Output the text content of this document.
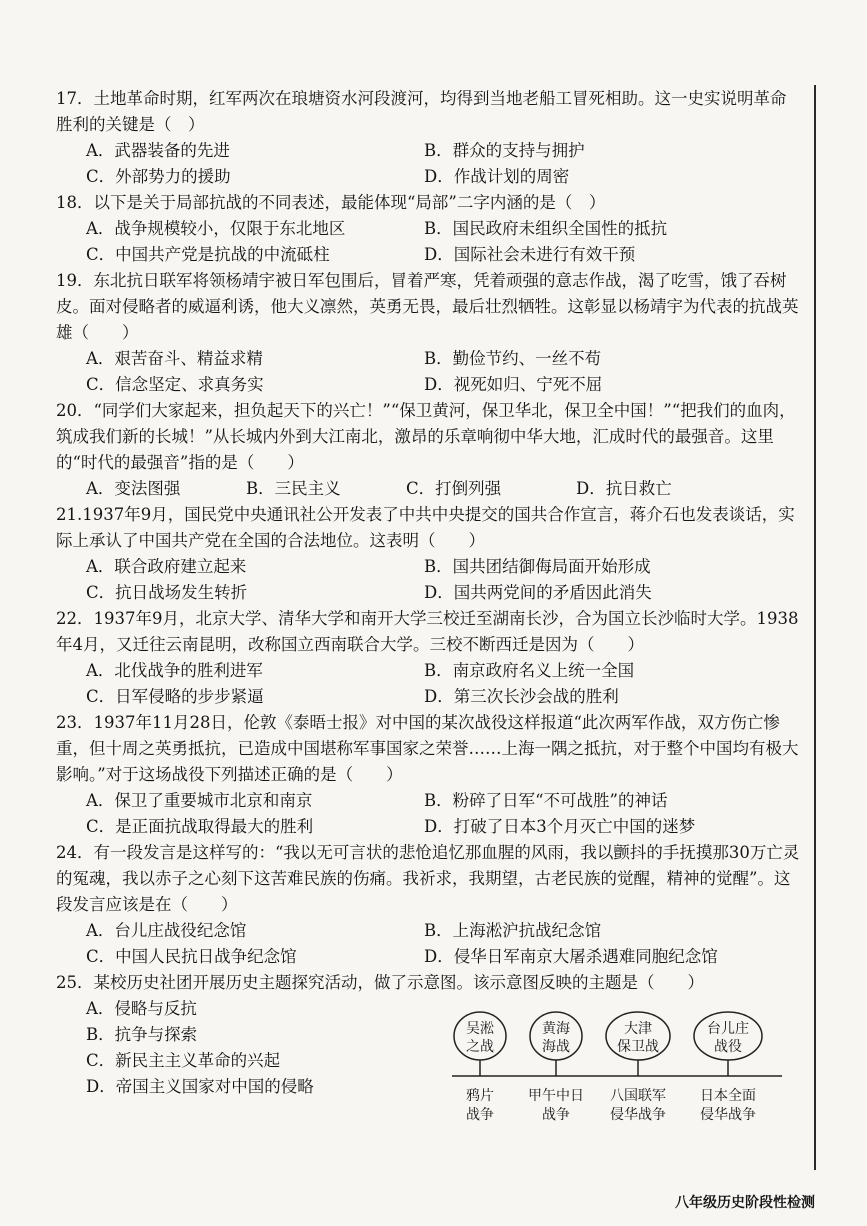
17．土地革命时期，红军两次在琅塘资水河段渡河，均得到当地老船工冒死相助。这一史实说明革命胜利的关键是（　）

A．武器装备的先进	B．群众的支持与拥护
C．外部势力的援助	D．作战计划的周密

18．以下是关于局部抗战的不同表述，最能体现“局部”二字内涵的是（　）

A．战争规模较小，仅限于东北地区	B．国民政府未组织全国性的抵抗
C．中国共产党是抗战的中流砥柱	D．国际社会未进行有效干预

19．东北抗日联军将领杨靖宇被日军包围后，冒着严寒，凭着顽强的意志作战，渴了吃雪，饿了吞树皮。面对侵略者的威逼利诱，他大义凛然，英勇无畏，最后壮烈牺牲。这彰显以杨靖宇为代表的抗战英雄（　　）

A．艰苦奋斗、精益求精	B．勤俭节约、一丝不苟
C．信念坚定、求真务实	D．视死如归、宁死不屈

20．“同学们大家起来，担负起天下的兴亡！”“保卫黄河，保卫华北，保卫全中国！”“把我们的血肉，筑成我们新的长城！”从长城内外到大江南北，激昂的乐章响彻中华大地，汇成时代的最强音。这里的“时代的最强音”指的是（　　）

A．变法图强	B．三民主义	C．打倒列强	D．抗日救亡

21.1937年9月，国民党中央通讯社公开发表了中共中央提交的国共合作宣言，蒋介石也发表谈话，实际上承认了中国共产党在全国的合法地位。这表明（　　）

A．联合政府建立起来	B．国共团结御侮局面开始形成
C．抗日战场发生转折	D．国共两党间的矛盾因此消失

22．1937年9月，北京大学、清华大学和南开大学三校迁至湖南长沙，合为国立长沙临时大学。1938年4月，又迁往云南昆明，改称国立西南联合大学。三校不断西迁是因为（　　）

A．北伐战争的胜利进军	B．南京政府名义上统一全国
C．日军侵略的步步紧逼	D．第三次长沙会战的胜利

23．1937年11月28日，伦敦《泰晤士报》对中国的某次战役这样报道“此次两军作战，双方伤亡惨重，但十周之英勇抵抗，已造成中国堪称军事国家之荣誉……上海一隅之抵抗，对于整个中国均有极大影响。”对于这场战役下列描述正确的是（　　）

A．保卫了重要城市北京和南京	B．粉碎了日军“不可战胜”的神话
C．是正面抗战取得最大的胜利	D．打破了日本3个月灭亡中国的迷梦

24．有一段发言是这样写的：“我以无可言状的悲怆追忆那血腥的风雨，我以颤抖的手抚摸那30万亡灵的冤魂，我以赤子之心刻下这苦难民族的伤痛。我祈求，我期望，古老民族的觉醒，精神的觉醒”。这段发言应该是在（　　）

A．台儿庄战役纪念馆	B．上海淞沪抗战纪念馆
C．中国人民抗日战争纪念馆	D．侵华日军南京大屠杀遇难同胞纪念馆

25．某校历史社团开展历史主题探究活动，做了示意图。该示意图反映的主题是（　　）

A．侵略与反抗
B．抗争与探索
C．新民主主义革命的兴起
D．帝国主义国家对中国的侵略
吴淞
之战
黄海
海战
大津
保卫战
台儿庄
战役
鸦片
战争
甲午中日
战争
八国联军
侵华战争
日本全面
侵华战争
八年级历史阶段性检测
